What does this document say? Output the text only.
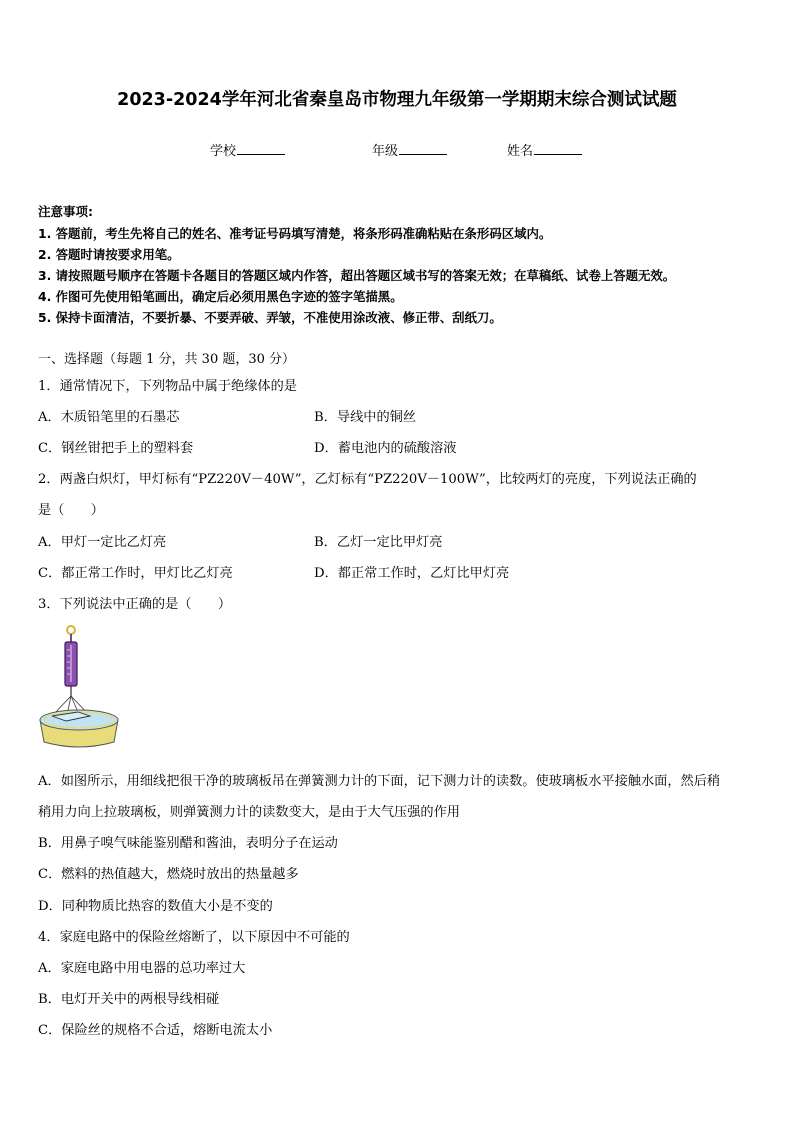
2023-2024学年河北省秦皇岛市物理九年级第一学期期末综合测试试题
学校	年级	姓名
注意事项:
1. 答题前，考生先将自己的姓名、准考证号码填写清楚，将条形码准确粘贴在条形码区域内。
2. 答题时请按要求用笔。
3. 请按照题号顺序在答题卡各题目的答题区域内作答，超出答题区域书写的答案无效；在草稿纸、试卷上答题无效。
4. 作图可先使用铅笔画出，确定后必须用黑色字迹的签字笔描黑。
5. 保持卡面清洁，不要折暴、不要弄破、弄皱，不准使用涂改液、修正带、刮纸刀。
一、选择题（每题 1 分，共 30 题，30 分）
1．通常情况下，下列物品中属于绝缘体的是
A．木质铅笔里的石墨芯	B．导线中的铜丝
C．钢丝钳把手上的塑料套	D．蓄电池内的硫酸溶液
2．两盏白炽灯，甲灯标有“PZ220V－40W”，乙灯标有“PZ220V－100W”，比较两灯的亮度，下列说法正确的
是（　　）
A．甲灯一定比乙灯亮	B．乙灯一定比甲灯亮
C．都正常工作时，甲灯比乙灯亮	D．都正常工作时，乙灯比甲灯亮
3．下列说法中正确的是（　　）
A．如图所示，用细线把很干净的玻璃板吊在弹簧测力计的下面，记下测力计的读数。使玻璃板水平接触水面，然后稍
稍用力向上拉玻璃板，则弹簧测力计的读数变大，是由于大气压强的作用
B．用鼻子嗅气味能鉴别醋和酱油，表明分子在运动
C．燃料的热值越大，燃烧时放出的热量越多
D．同种物质比热容的数值大小是不变的
4．家庭电路中的保险丝熔断了，以下原因中不可能的
A．家庭电路中用电器的总功率过大
B．电灯开关中的两根导线相碰
C．保险丝的规格不合适，熔断电流太小
